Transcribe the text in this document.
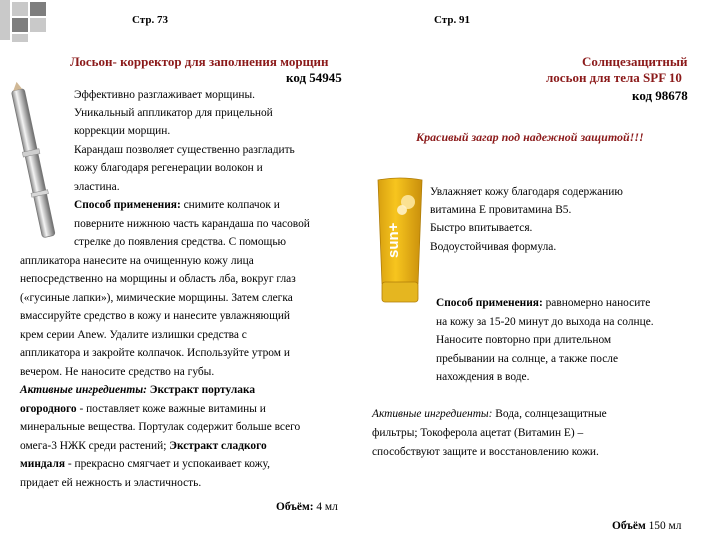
Стр. 73	Стр. 91
Лосьон- корректор для заполнения морщин
код 54945
Эффективно разглаживает морщины.
Уникальный аппликатор для прицельной
коррекции морщин.
Карандаш позволяет существенно разгладить
кожу благодаря регенерации волокон и
эластина.
Способ применения: снимите колпачок и
поверните нижнюю часть карандаша по часовой
стрелке до появления средства. С помощью
аппликатора нанесите на очищенную кожу лица
непосредственно на морщины и область лба, вокруг глаз
(«гусиные лапки»), мимические морщины. Затем слегка
вмассируйте средство в кожу и нанесите увлажняющий
крем серии Anew. Удалите излишки средства с
аппликатора и закройте колпачок. Используйте утром и
вечером. Не наносите средство на губы.
Активные ингредиенты: Экстракт портулака
огородного - поставляет коже важные витамины и
минеральные вещества. Портулак содержит больше всего
омега-3 НЖК среди растений; Экстракт сладкого
миндаля - прекрасно смягчает и успокаивает кожу,
придает ей нежность и эластичность.
Объём: 4 мл
Солнцезащитный
лосьон для тела SPF 10
код 98678
Красивый загар под надежной защитой!!!
sun+
Увлажняет кожу благодаря содержанию
витамина Е провитамина В5.
Быстро впитывается.
Водоустойчивая формула.
Способ применения: равномерно наносите
на кожу за 15-20 минут до выхода на солнце.
Наносите повторно при длительном
пребывании на солнце, а также после
нахождения в воде.
Активные ингредиенты: Вода, солнцезащитные
фильтры; Токоферола ацетат (Витамин Е) –
способствуют защите и восстановлению кожи.
Объём 150 мл
